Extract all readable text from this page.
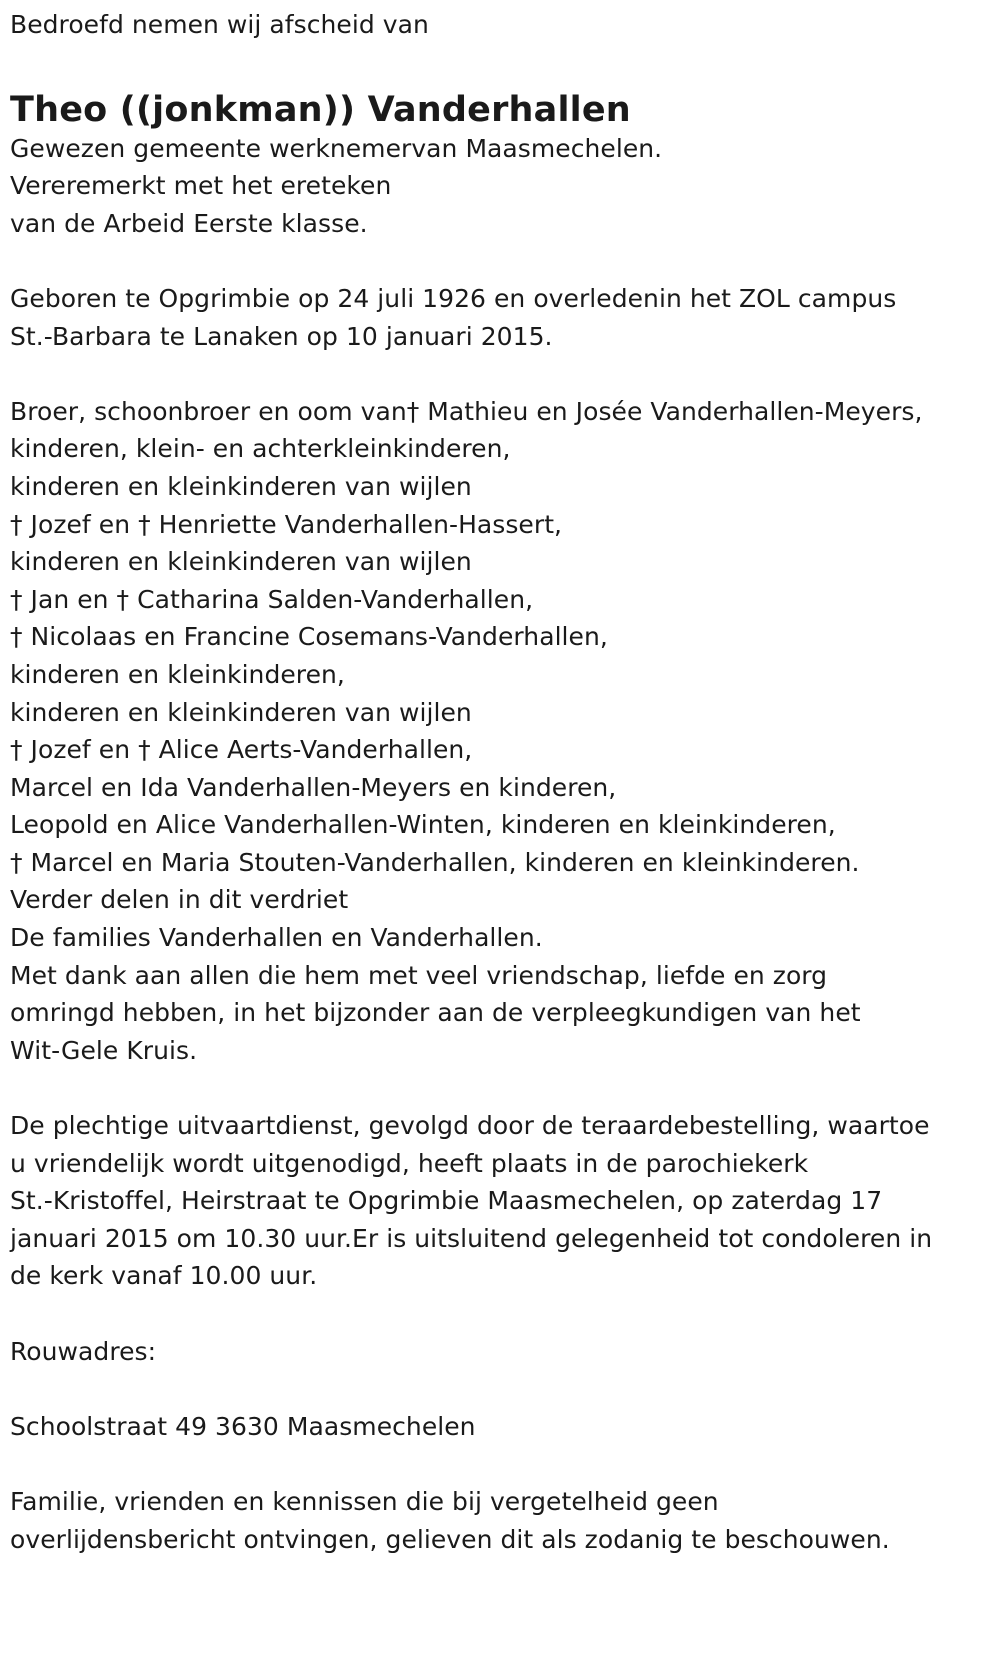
Bedroefd nemen wij afscheid van
Theo ((jonkman)) Vanderhallen
Gewezen gemeente werknemervan Maasmechelen.
Vereremerkt met het ereteken
van de Arbeid Eerste klasse.
Geboren te Opgrimbie op 24 juli 1926 en overledenin het ZOL campus
St.-Barbara te Lanaken op 10 januari 2015.
Broer, schoonbroer en oom van† Mathieu en Josée Vanderhallen-Meyers,
kinderen, klein- en achterkleinkinderen,
kinderen en kleinkinderen van wijlen
† Jozef en † Henriette Vanderhallen-Hassert,
kinderen en kleinkinderen van wijlen
† Jan en † Catharina Salden-Vanderhallen,
† Nicolaas en Francine Cosemans-Vanderhallen,
kinderen en kleinkinderen,
kinderen en kleinkinderen van wijlen
† Jozef en † Alice Aerts-Vanderhallen,
Marcel en Ida Vanderhallen-Meyers en kinderen,
Leopold en Alice Vanderhallen-Winten, kinderen en kleinkinderen,
† Marcel en Maria Stouten-Vanderhallen, kinderen en kleinkinderen.
Verder delen in dit verdriet
De families Vanderhallen en Vanderhallen.
Met dank aan allen die hem met veel vriendschap, liefde en zorg
omringd hebben, in het bijzonder aan de verpleegkundigen van het
Wit-Gele Kruis.
De plechtige uitvaartdienst, gevolgd door de teraardebestelling, waartoe
u vriendelijk wordt uitgenodigd, heeft plaats in de parochiekerk
St.-Kristoffel, Heirstraat te Opgrimbie Maasmechelen, op zaterdag 17
januari 2015 om 10.30 uur.Er is uitsluitend gelegenheid tot condoleren in
de kerk vanaf 10.00 uur.
Rouwadres:
Schoolstraat 49 3630 Maasmechelen
Familie, vrienden en kennissen die bij vergetelheid geen
overlijdensbericht ontvingen, gelieven dit als zodanig te beschouwen.
